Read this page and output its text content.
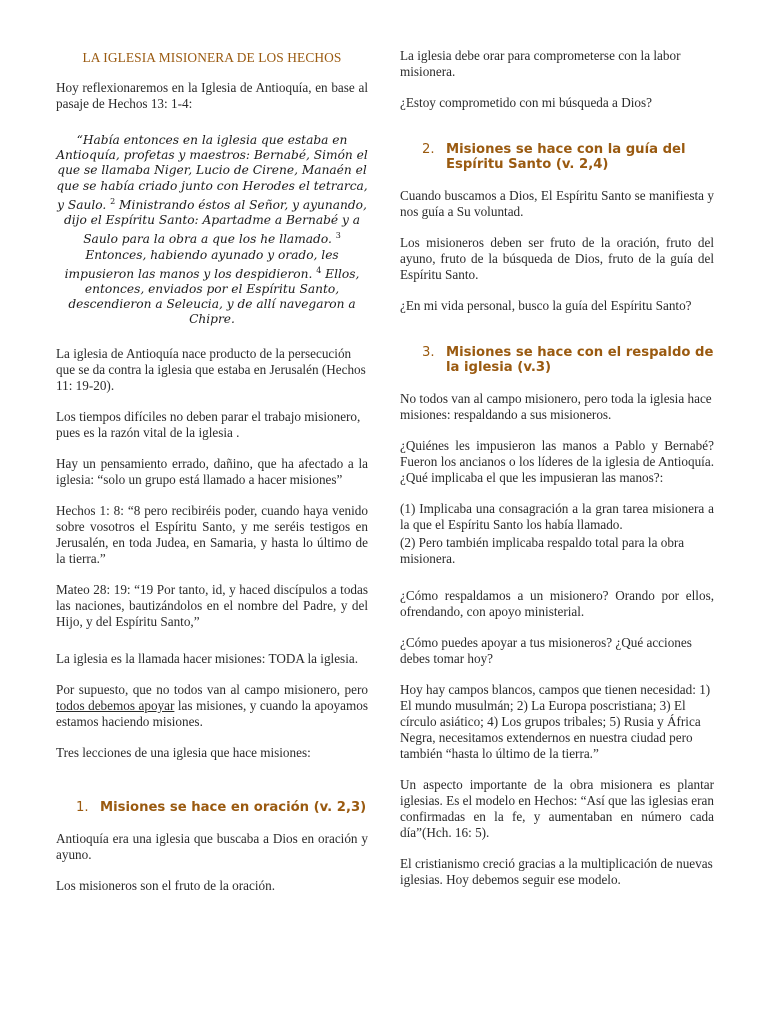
LA IGLESIA MISIONERA DE LOS HECHOS

Hoy reflexionaremos en la Iglesia de Antioquía, en base al pasaje de Hechos 13: 1-4:

“Había entonces en la iglesia que estaba en Antioquía, profetas y maestros: Bernabé, Simón el que se llamaba Niger, Lucio de Cirene, Manaén el que se había criado junto con Herodes el tetrarca, y Saulo. $^2$ Ministrando éstos al Señor, y ayunando, dijo el Espíritu Santo: Apartadme a Bernabé y a Saulo para la obra a que los he llamado. $^3$ Entonces, habiendo ayunado y orado, les impusieron las manos y los despidieron. $^4$ Ellos, entonces, enviados por el Espíritu Santo, descendieron a Seleucia, y de allí navegaron a Chipre.

La iglesia de Antioquía nace producto de la persecución que se da contra la iglesia que estaba en Jerusalén (Hechos 11: 19-20).

Los tiempos difíciles no deben parar el trabajo misionero, pues es la razón vital de la iglesia .

Hay un pensamiento errado, dañino, que ha afectado a la iglesia: “solo un grupo está llamado a hacer misiones”

Hechos 1: 8: “8 pero recibiréis poder, cuando haya venido sobre vosotros el Espíritu Santo, y me seréis testigos en Jerusalén, en toda Judea, en Samaria, y hasta lo último de la tierra.”

Mateo 28: 19: “19 Por tanto, id, y haced discípulos a todas las naciones, bautizándolos en el nombre del Padre, y del Hijo, y del Espíritu Santo,”

La iglesia es la llamada hacer misiones: TODA la iglesia.

Por supuesto, que no todos van al campo misionero, pero todos debemos apoyar las misiones, y cuando la apoyamos estamos haciendo misiones.

Tres lecciones de una iglesia que hace misiones:

1. Misiones se hace en oración (v. 2,3)

Antioquía era una iglesia que buscaba a Dios en oración y ayuno.

Los misioneros son el fruto de la oración.

La iglesia debe orar para comprometerse con la labor misionera.

¿Estoy comprometido con mi búsqueda a Dios?

2. Misiones se hace con la guía del Espíritu Santo (v. 2,4)

Cuando buscamos a Dios, El Espíritu Santo se manifiesta y nos guía a Su voluntad.

Los misioneros deben ser fruto de la oración, fruto del ayuno, fruto de la búsqueda de Dios, fruto de la guía del Espíritu Santo.

¿En mi vida personal, busco la guía del Espíritu Santo?

3. Misiones se hace con el respaldo de la iglesia (v.3)

No todos van al campo misionero, pero toda la iglesia hace misiones: respaldando a sus misioneros.

¿Quiénes les impusieron las manos a Pablo y Bernabé? Fueron los ancianos o los líderes de la iglesia de Antioquía. ¿Qué implicaba el que les impusieran las manos?:

(1) Implicaba una consagración a la gran tarea misionera a la que el Espíritu Santo los había llamado.

(2) Pero también implicaba respaldo total para la obra misionera.

¿Cómo respaldamos a un misionero? Orando por ellos, ofrendando, con apoyo ministerial.

¿Cómo puedes apoyar a tus misioneros? ¿Qué acciones debes tomar hoy?

Hoy hay campos blancos, campos que tienen necesidad: 1) El mundo musulmán; 2) La Europa poscristiana; 3) El círculo asiático; 4) Los grupos tribales; 5) Rusia y África Negra, necesitamos extendernos en nuestra ciudad pero también “hasta lo último de la tierra.”

Un aspecto importante de la obra misionera es plantar iglesias. Es el modelo en Hechos: “Así que las iglesias eran confirmadas en la fe, y aumentaban en número cada día”(Hch. 16: 5).

El cristianismo creció gracias a la multiplicación de nuevas iglesias. Hoy debemos seguir ese modelo.
